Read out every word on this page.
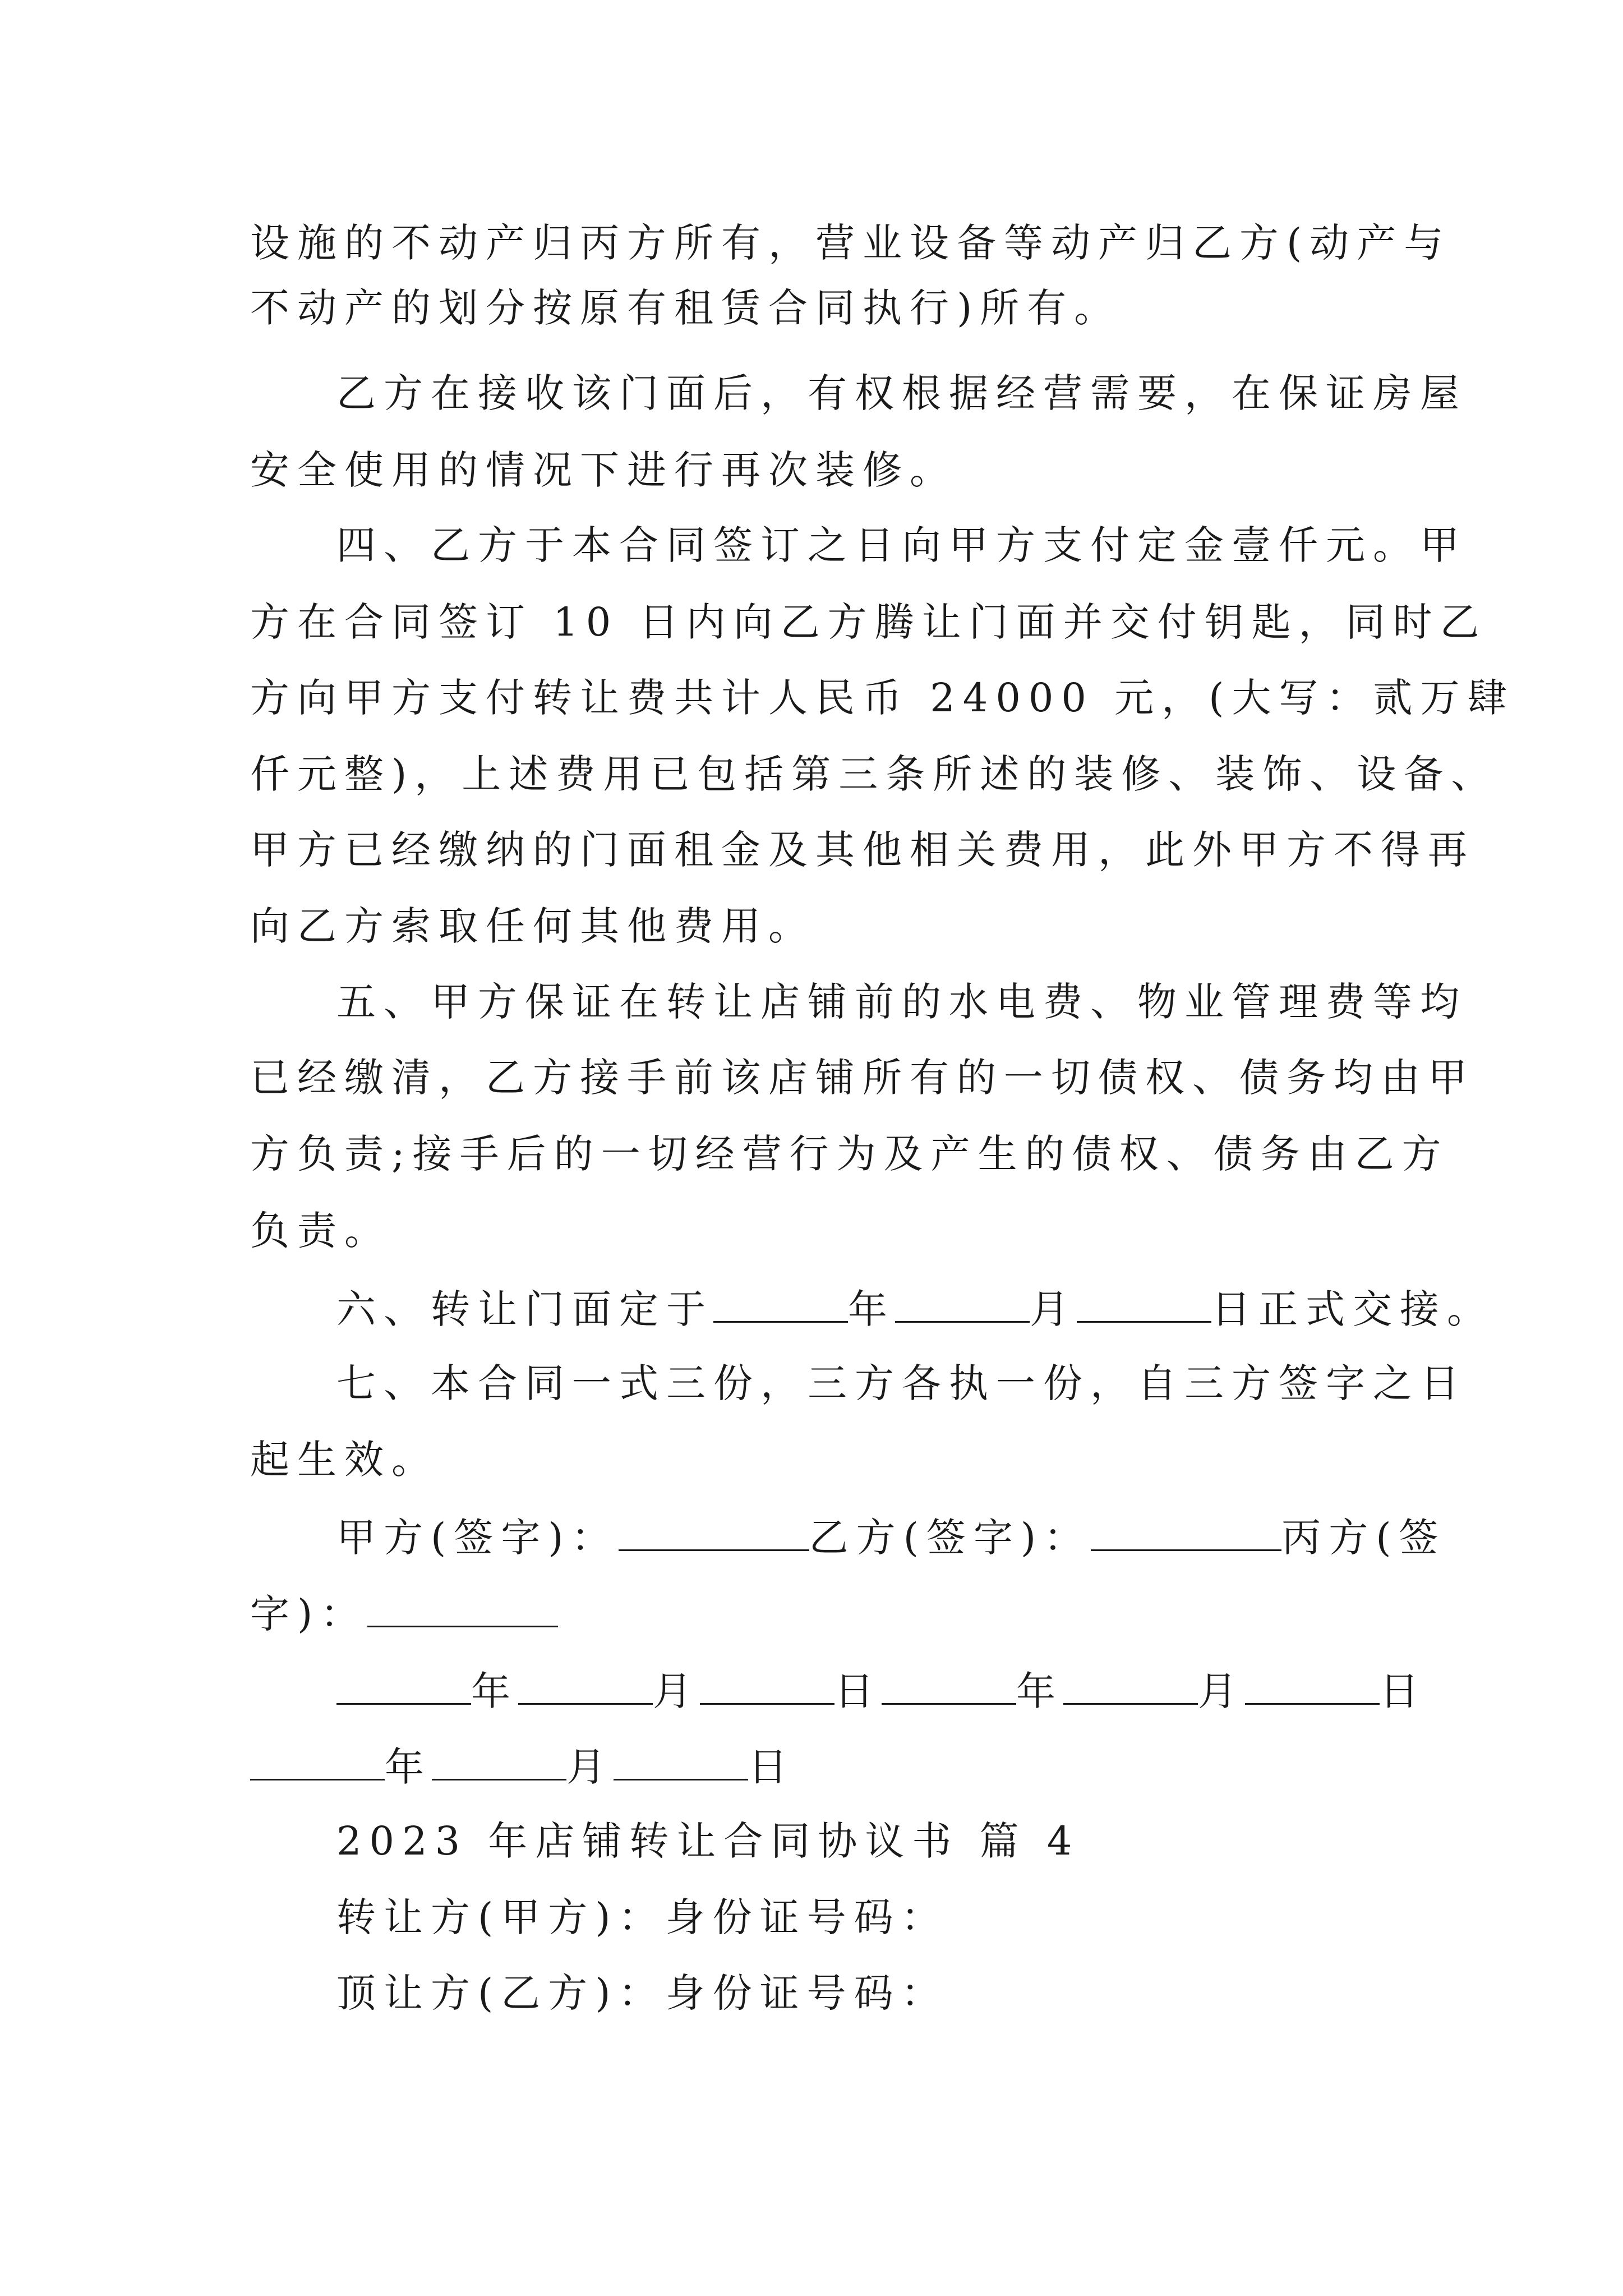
设施的不动产归丙方所有，营业设备等动产归乙方(动产与

不动产的划分按原有租赁合同执行)所有。

乙方在接收该门面后，有权根据经营需要，在保证房屋

安全使用的情况下进行再次装修。

四、乙方于本合同签订之日向甲方支付定金壹仟元。甲

方在合同签订 10 日内向乙方腾让门面并交付钥匙，同时乙

方向甲方支付转让费共计人民币 24000 元，(大写：贰万肆

仟元整)，上述费用已包括第三条所述的装修、装饰、设备、

甲方已经缴纳的门面租金及其他相关费用，此外甲方不得再

向乙方索取任何其他费用。

五、甲方保证在转让店铺前的水电费、物业管理费等均

已经缴清，乙方接手前该店铺所有的一切债权、债务均由甲

方负责;接手后的一切经营行为及产生的债权、债务由乙方

负责。

六、转让门面定于	年	月	日正式交接。

七、本合同一式三份，三方各执一份，自三方签字之日

起生效。

甲方(签字)：	乙方(签字)：	丙方(签

字)：

年	月	日	年	月	日

年	月	日

2023 年店铺转让合同协议书 篇 4

转让方(甲方)：身份证号码：

顶让方(乙方)：身份证号码：
